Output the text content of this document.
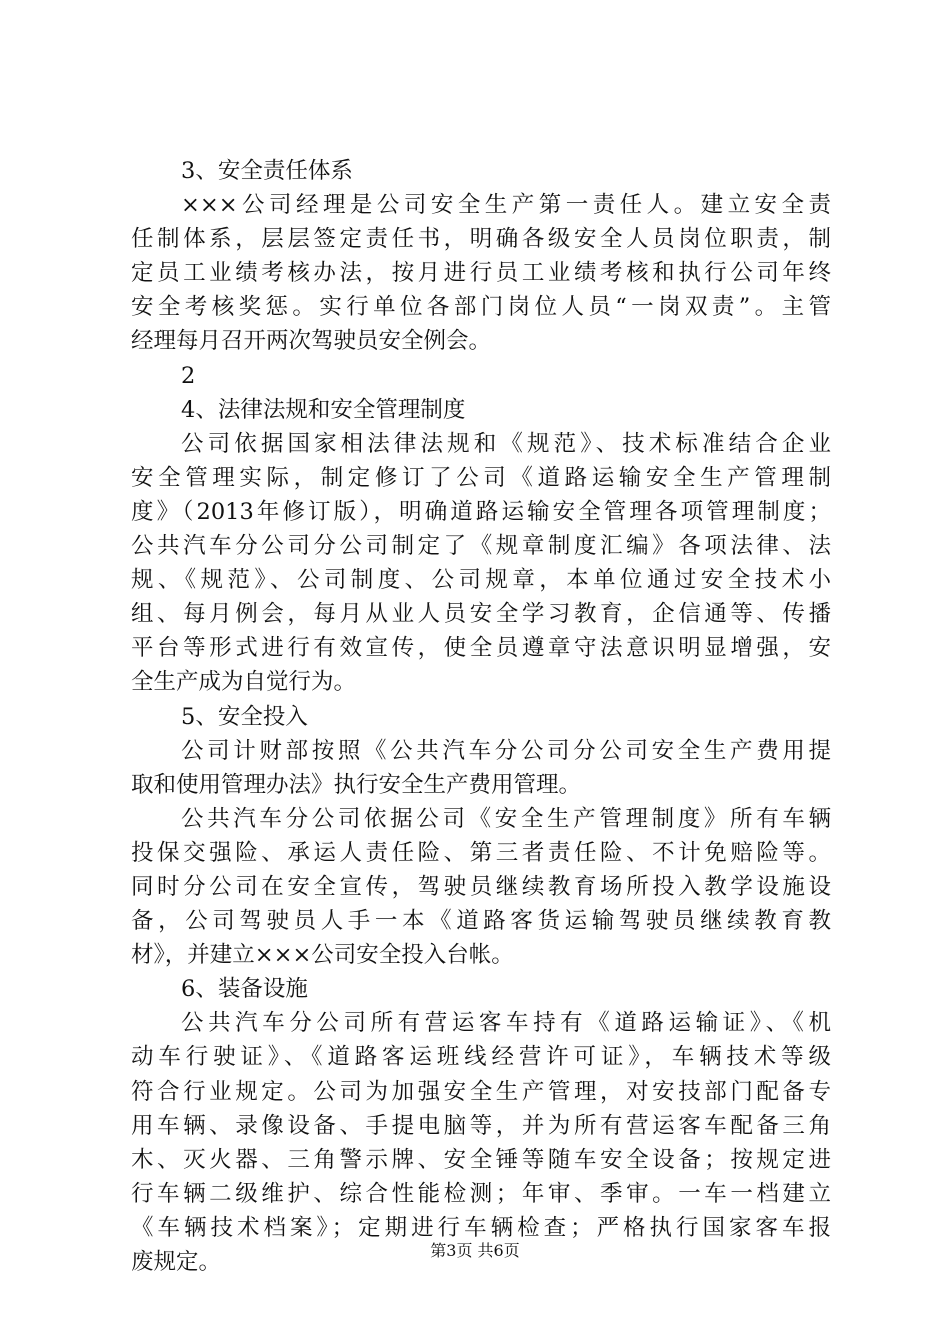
3、安全责任体系
×××公司经理是公司安全生产第一责任人。建立安全责
任制体系，层层签定责任书，明确各级安全人员岗位职责，制
定员工业绩考核办法，按月进行员工业绩考核和执行公司年终
安全考核奖惩。实行单位各部门岗位人员“一岗双责”。主管
经理每月召开两次驾驶员安全例会。
2
4、法律法规和安全管理制度
公司依据国家相法律法规和《规范》、技术标准结合企业
安全管理实际，制定修订了公司《道路运输安全生产管理制
度》（2013年修订版），明确道路运输安全管理各项管理制度；
公共汽车分公司分公司制定了《规章制度汇编》各项法律、法
规、《规范》、公司制度、公司规章，本单位通过安全技术小
组、每月例会，每月从业人员安全学习教育，企信通等、传播
平台等形式进行有效宣传，使全员遵章守法意识明显增强，安
全生产成为自觉行为。
5、安全投入
公司计财部按照《公共汽车分公司分公司安全生产费用提
取和使用管理办法》执行安全生产费用管理。
公共汽车分公司依据公司《安全生产管理制度》所有车辆
投保交强险、承运人责任险、第三者责任险、不计免赔险等。
同时分公司在安全宣传，驾驶员继续教育场所投入教学设施设
备，公司驾驶员人手一本《道路客货运输驾驶员继续教育教
材》，并建立×××公司安全投入台帐。
6、装备设施
公共汽车分公司所有营运客车持有《道路运输证》、《机
动车行驶证》、《道路客运班线经营许可证》，车辆技术等级
符合行业规定。公司为加强安全生产管理，对安技部门配备专
用车辆、录像设备、手提电脑等，并为所有营运客车配备三角
木、灭火器、三角警示牌、安全锤等随车安全设备；按规定进
行车辆二级维护、综合性能检测；年审、季审。一车一档建立
《车辆技术档案》；定期进行车辆检查；严格执行国家客车报
废规定。	第3页 共6页
